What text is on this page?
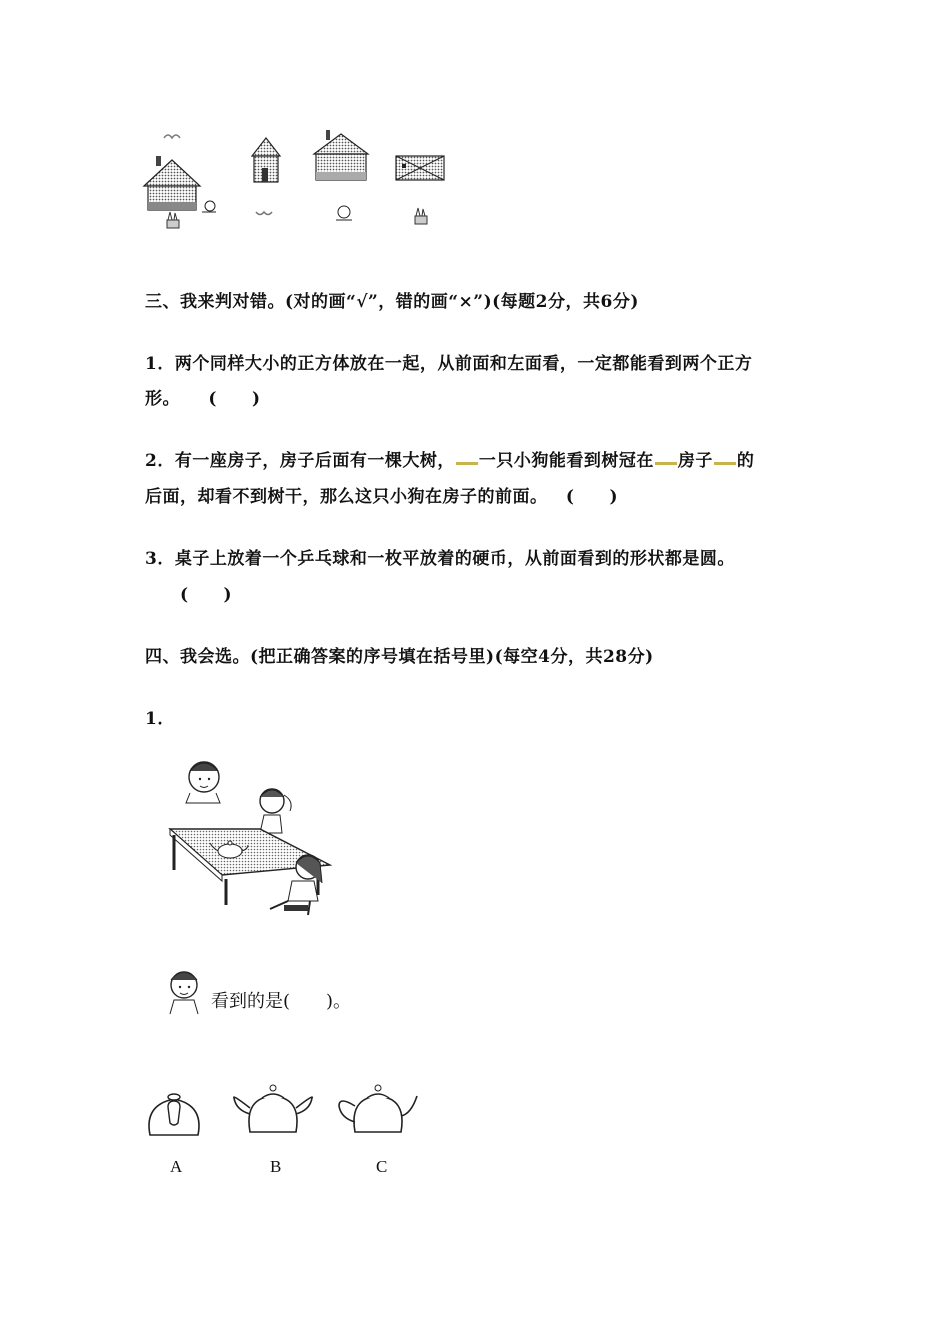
三、我来判对错。(对的画“√”，错的画“×”)(每题2分，共6分)
1．两个同样大小的正方体放在一起，从前面和左面看，一定都能看到两个正方
形。 (　　)
2．有一座房子，房子后面有一棵大树， 一只小狗能看到树冠在 房子 的
后面，却看不到树干，那么这只小狗在房子的前面。 (　　)
3．桌子上放着一个乒乓球和一枚平放着的硬币，从前面看到的形状都是圆。
(　　)
四、我会选。(把正确答案的序号填在括号里)(每空4分，共28分)
1．
看到的是(　　)。
A	B	C
